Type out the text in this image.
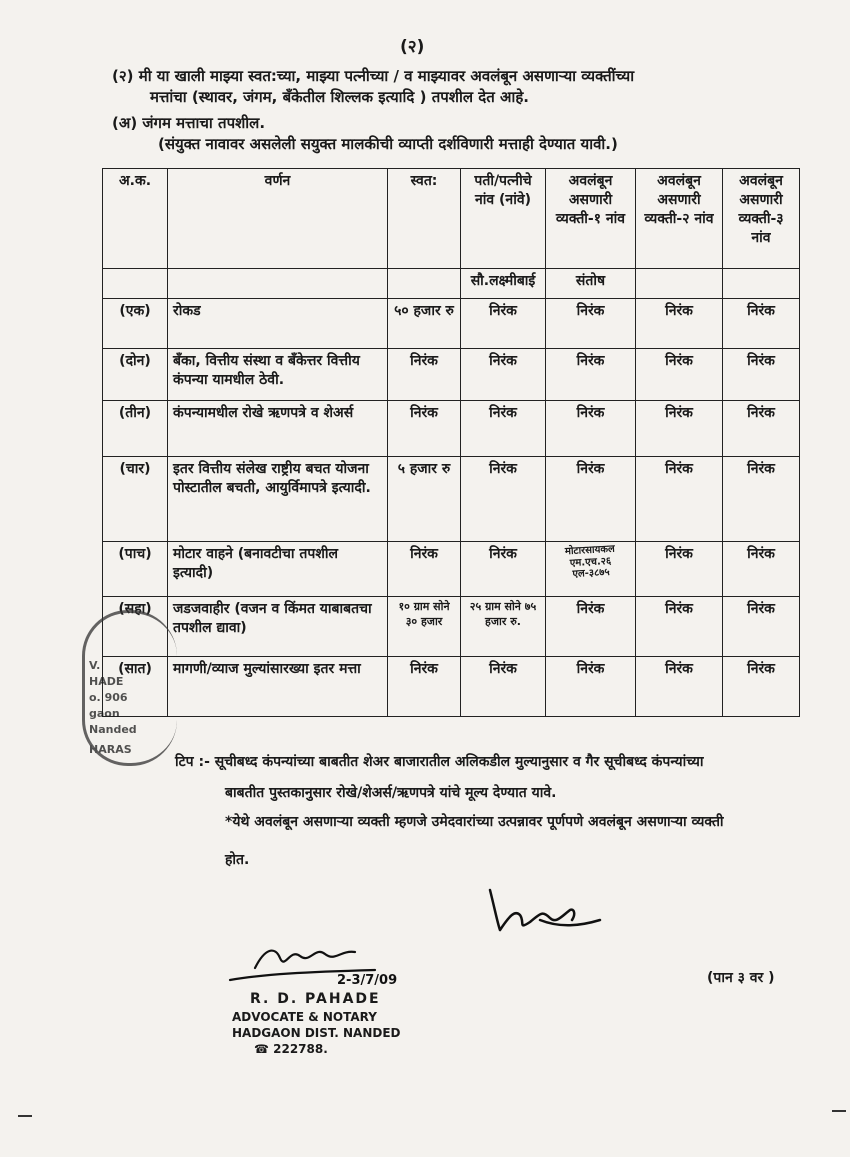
(२)
(२) मी या खाली माझ्या स्वत:च्या, माझ्या पत्नीच्या / व माझ्यावर अवलंबून असणाऱ्या व्यक्तींच्या
मत्तांचा (स्थावर, जंगम, बँकेतील शिल्लक इत्यादि ) तपशील देत आहे.
(अ) जंगम मत्ताचा तपशील.
(संयुक्त नावावर असलेली सयुक्त मालकीची व्याप्ती दर्शविणारी मत्ताही देण्यात यावी.)
अ.क.	वर्णन	स्वत:	पती/पत्नीचे नांव (नांवे)	अवलंबून असणारी व्यक्ती-१ नांव	अवलंबून असणारी व्यक्ती-२ नांव	अवलंबून असणारी व्यक्ती-३ नांव
			सौ.लक्ष्मीबाई	संतोष		
(एक)	रोकड	५० हजार रु	निरंक	निरंक	निरंक	निरंक
(दोन)	बँका, वित्तीय संस्था व बँकेत्तर वित्तीय कंपन्या यामधील ठेवी.	निरंक	निरंक	निरंक	निरंक	निरंक
(तीन)	कंपन्यामधील रोखे ऋणपत्रे व शेअर्स	निरंक	निरंक	निरंक	निरंक	निरंक
(चार)	इतर वित्तीय संलेख राष्ट्रीय बचत योजना पोस्टातील बचती, आयुर्विमापत्रे इत्यादी.	५ हजार रु	निरंक	निरंक	निरंक	निरंक
(पाच)	मोटार वाहने (बनावटीचा तपशील इत्यादी)	निरंक	निरंक	मोटारसायकल एम.एच.२६ एल-३८७५	निरंक	निरंक
(सहा)	जडजवाहीर (वजन व किंमत याबाबतचा तपशील द्यावा)	१० ग्राम सोने ३० हजार	२५ ग्राम सोने ७५ हजार रु.	निरंक	निरंक	निरंक
(सात)	मागणी/व्याज मुल्यांसारख्या इतर मत्ता	निरंक	निरंक	निरंक	निरंक	निरंक
V.
HADE
o. 906
gaon
Nanded
HARAS
टिप :- सूचीबध्द कंपन्यांच्या बाबतीत शेअर बाजारातील अलिकडील मुल्यानुसार व गैर सूचीबध्द कंपन्यांच्या
बाबतीत पुस्तकानुसार रोखे/शेअर्स/ऋणपत्रे यांचे मूल्य देण्यात यावे.
*येथे अवलंबून असणाऱ्या व्यक्ती म्हणजे उमेदवारांच्या उत्पन्नावर पूर्णपणे अवलंबून असणाऱ्या व्यक्ती
होत.
2-3/7/09	(पान ३ वर )
R. D. PAHADE
ADVOCATE & NOTARY
HADGAON DIST. NANDED
☎ 222788.
